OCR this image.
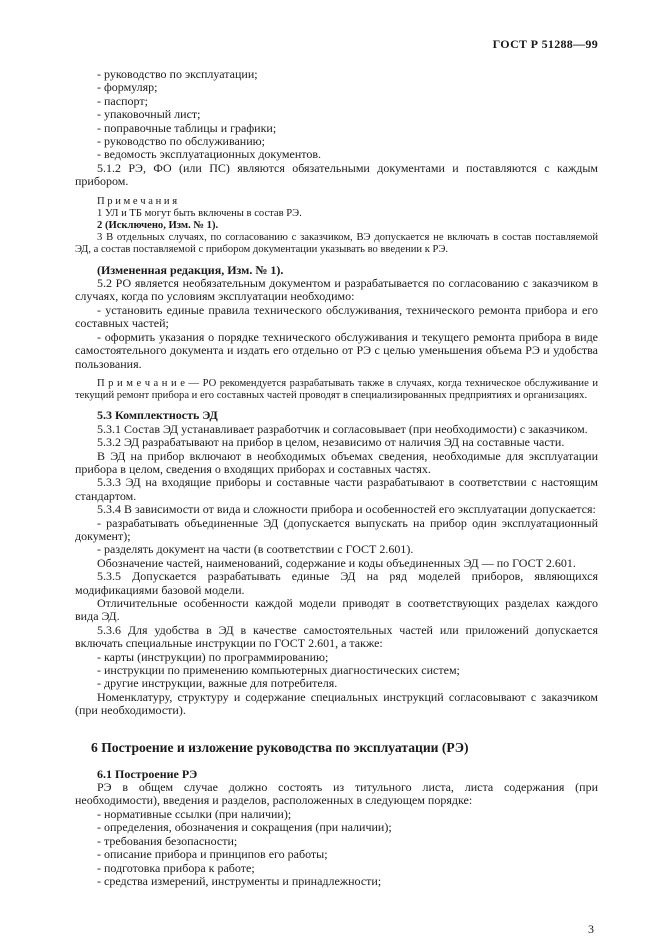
ГОСТ Р 51288—99

- руководство по эксплуатации;

- формуляр;

- паспорт;

- упаковочный лист;

- поправочные таблицы и графики;

- руководство по обслуживанию;

- ведомость эксплуатационных документов.

5.1.2 РЭ, ФО (или ПС) являются обязательными документами и поставляются с каждым прибором.

П р и м е ч а н и я

1 УЛ и ТБ могут быть включены в состав РЭ.

2 (Исключено, Изм. № 1).

3 В отдельных случаях, по согласованию с заказчиком, ВЭ допускается не включать в состав поставляемой ЭД, а состав поставляемой с прибором документации указывать во введении к РЭ.

(Измененная редакция, Изм. № 1).

5.2 РО является необязательным документом и разрабатывается по согласованию с заказчиком в случаях, когда по условиям эксплуатации необходимо:

- установить единые правила технического обслуживания, технического ремонта прибора и его составных частей;

- оформить указания о порядке технического обслуживания и текущего ремонта прибора в виде самостоятельного документа и издать его отдельно от РЭ с целью уменьшения объема РЭ и удобства пользования.

П р и м е ч а н и е — РО рекомендуется разрабатывать также в случаях, когда техническое обслуживание и текущий ремонт прибора и его составных частей проводят в специализированных предприятиях и организациях.

5.3 Комплектность ЭД

5.3.1 Состав ЭД устанавливает разработчик и согласовывает (при необходимости) с заказчиком.

5.3.2 ЭД разрабатывают на прибор в целом, независимо от наличия ЭД на составные части.

В ЭД на прибор включают в необходимых объемах сведения, необходимые для эксплуатации прибора в целом, сведения о входящих приборах и составных частях.

5.3.3 ЭД на входящие приборы и составные части разрабатывают в соответствии с настоящим стандартом.

5.3.4 В зависимости от вида и сложности прибора и особенностей его эксплуатации допускается:

- разрабатывать объединенные ЭД (допускается выпускать на прибор один эксплуатационный документ);

- разделять документ на части (в соответствии с ГОСТ 2.601).

Обозначение частей, наименований, содержание и коды объединенных ЭД — по ГОСТ 2.601.

5.3.5 Допускается разрабатывать единые ЭД на ряд моделей приборов, являющихся модификациями базовой модели.

Отличительные особенности каждой модели приводят в соответствующих разделах каждого вида ЭД.

5.3.6 Для удобства в ЭД в качестве самостоятельных частей или приложений допускается включать специальные инструкции по ГОСТ 2.601, а также:

- карты (инструкции) по программированию;

- инструкции по применению компьютерных диагностических систем;

- другие инструкции, важные для потребителя.

Номенклатуру, структуру и содержание специальных инструкций согласовывают с заказчиком (при необходимости).

6 Построение и изложение руководства по эксплуатации (РЭ)

6.1 Построение РЭ

РЭ в общем случае должно состоять из титульного листа, листа содержания (при необходимости), введения и разделов, расположенных в следующем порядке:

- нормативные ссылки (при наличии);

- определения, обозначения и сокращения (при наличии);

- требования безопасности;

- описание прибора и принципов его работы;

- подготовка прибора к работе;

- средства измерений, инструменты и принадлежности;

3
